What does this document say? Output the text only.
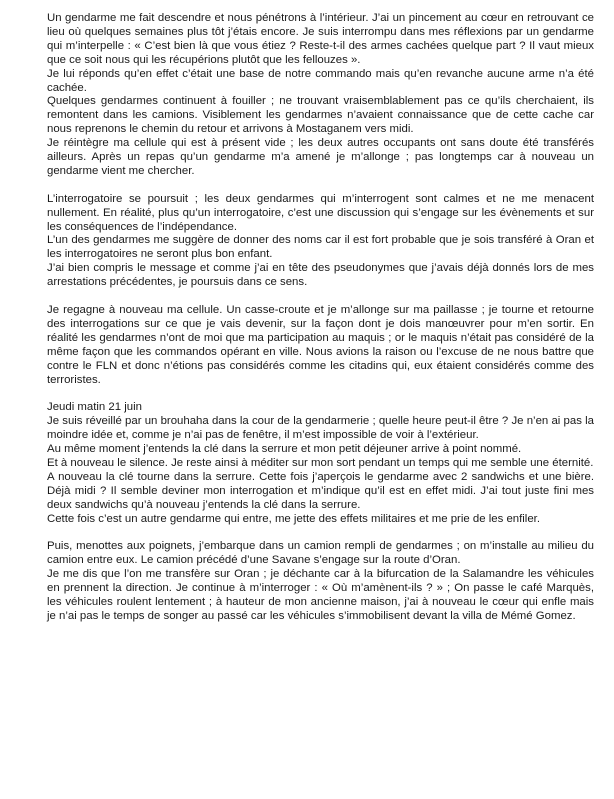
Un gendarme me fait descendre et nous pénétrons à l’intérieur. J’ai un pincement au cœur en retrouvant ce lieu où quelques semaines plus tôt j’étais encore. Je suis interrompu dans mes réflexions par un gendarme qui m’interpelle : « C’est bien là que vous étiez ? Reste-t-il des armes cachées quelque part ? Il vaut mieux que ce soit nous qui les récupérions plutôt que les fellouzes ».

Je lui réponds qu’en effet c’était une base de notre commando mais qu’en revanche aucune arme n’a été cachée.

Quelques gendarmes continuent à fouiller ; ne trouvant vraisemblablement pas ce qu’ils cherchaient, ils remontent dans les camions. Visiblement les gendarmes n’avaient connaissance que de cette cache car nous reprenons le chemin du retour et arrivons à Mostaganem vers midi.

Je réintègre ma cellule qui est à présent vide ; les deux autres occupants ont sans doute été transférés ailleurs. Après un repas qu’un gendarme m’a amené je m’allonge ; pas longtemps car à nouveau un gendarme vient me chercher.

L’interrogatoire se poursuit ; les deux gendarmes qui m’interrogent sont calmes et ne me menacent nullement. En réalité, plus qu’un interrogatoire, c’est une discussion qui s’engage sur les évènements et sur les conséquences de l’indépendance.

L’un des gendarmes me suggère de donner des noms car il est fort probable que je sois transféré à Oran et les interrogatoires ne seront plus bon enfant.

J’ai bien compris le message et comme j’ai en tête des pseudonymes que j’avais déjà donnés lors de mes arrestations précédentes, je poursuis dans ce sens.

Je regagne à nouveau ma cellule. Un casse-croute et je m’allonge sur ma paillasse ; je tourne et retourne des interrogations sur ce que je vais devenir, sur la façon dont je dois manœuvrer pour m’en sortir. En réalité les gendarmes n’ont de moi que ma participation au maquis ; or le maquis n’était pas considéré de la même façon que les commandos opérant en ville. Nous avions la raison ou l’excuse de ne nous battre que contre le FLN et donc n’étions pas considérés comme les citadins qui, eux étaient considérés comme des terroristes.

Jeudi matin 21 juin

Je suis réveillé par un brouhaha dans la cour de la gendarmerie ; quelle heure peut-il être ? Je n’en ai pas la moindre idée et, comme je n’ai pas de fenêtre, il m’est impossible de voir à l’extérieur.

Au même moment j’entends la clé dans la serrure et mon petit déjeuner arrive à point nommé.

Et à nouveau le silence. Je reste ainsi à méditer sur mon sort pendant un temps qui me semble une éternité.

A nouveau la clé tourne dans la serrure. Cette fois j’aperçois le gendarme avec 2 sandwichs et une bière. Déjà midi ? Il semble deviner mon interrogation et m’indique qu’il est en effet midi. J’ai tout juste fini mes deux sandwichs qu’à nouveau j’entends la clé dans la serrure.

Cette fois c’est un autre gendarme qui entre, me jette des effets militaires et me prie de les enfiler.

Puis, menottes aux poignets, j’embarque dans un camion rempli de gendarmes ; on m’installe au milieu du camion entre eux. Le camion précédé d’une Savane s’engage sur la route d’Oran.

Je me dis que l’on me transfère sur Oran ; je déchante car à la bifurcation de la Salamandre les véhicules en prennent la direction. Je continue à m’interroger : « Où m’amènent-ils ? » ; On passe le café Marquès, les véhicules roulent lentement ; à hauteur de mon ancienne maison, j’ai à nouveau le cœur qui enfle mais je n’ai pas le temps de songer au passé car les véhicules s’immobilisent devant la villa de Mémé Gomez.
